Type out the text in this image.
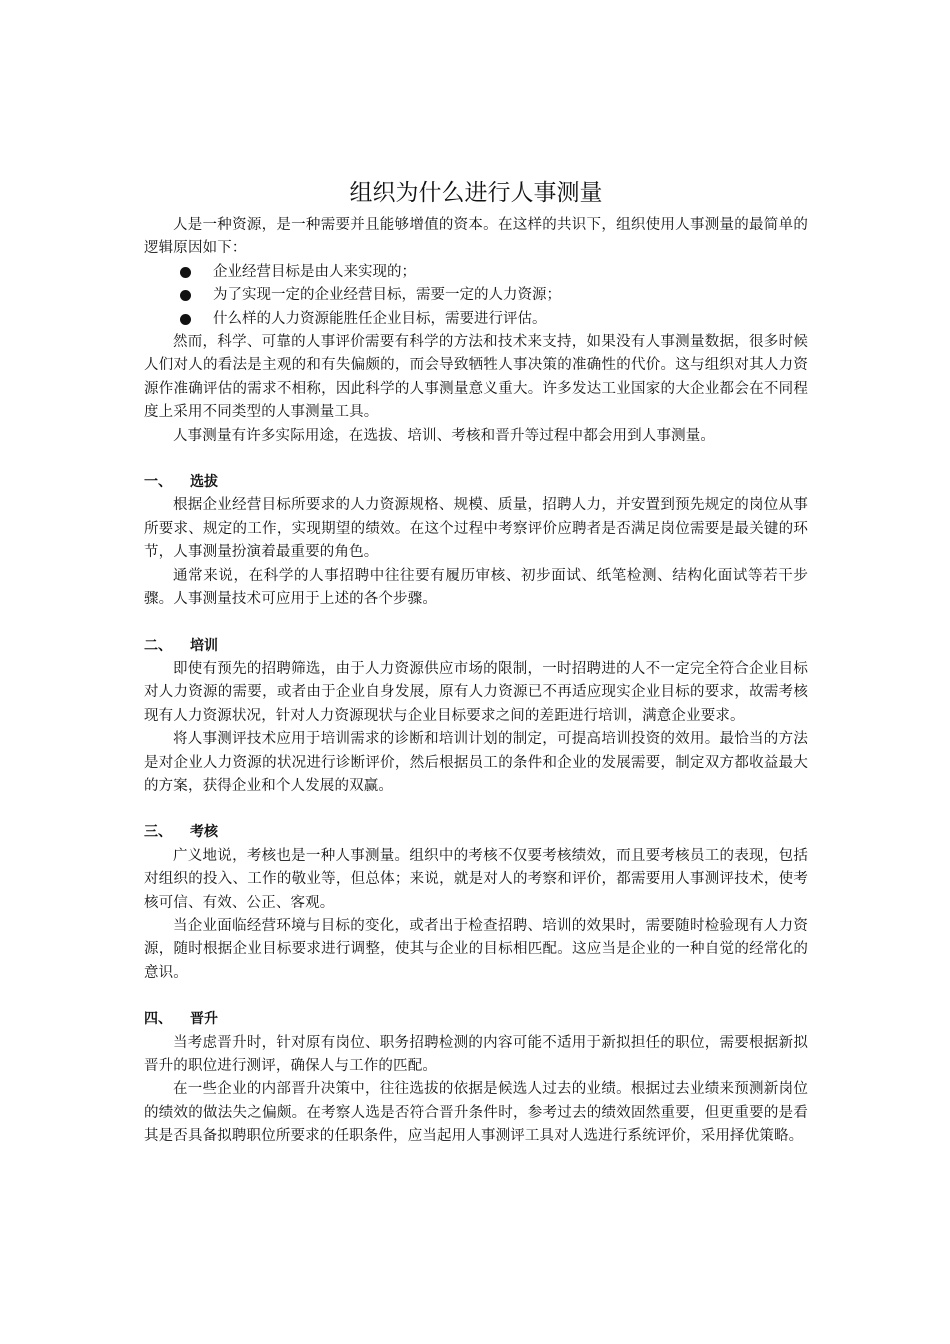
组织为什么进行人事测量

人是一种资源，是一种需要并且能够增值的资本。在这样的共识下，组织使用人事测量的最简单的逻辑原因如下：

企业经营目标是由人来实现的；
为了实现一定的企业经营目标，需要一定的人力资源；
什么样的人力资源能胜任企业目标，需要进行评估。

然而，科学、可靠的人事评价需要有科学的方法和技术来支持，如果没有人事测量数据，很多时候人们对人的看法是主观的和有失偏颇的，而会导致牺牲人事决策的准确性的代价。这与组织对其人力资源作准确评估的需求不相称，因此科学的人事测量意义重大。许多发达工业国家的大企业都会在不同程度上采用不同类型的人事测量工具。

人事测量有许多实际用途，在选拔、培训、考核和晋升等过程中都会用到人事测量。

一、	选拔

根据企业经营目标所要求的人力资源规格、规模、质量，招聘人力，并安置到预先规定的岗位从事所要求、规定的工作，实现期望的绩效。在这个过程中考察评价应聘者是否满足岗位需要是最关键的环节，人事测量扮演着最重要的角色。

通常来说，在科学的人事招聘中往往要有履历审核、初步面试、纸笔检测、结构化面试等若干步骤。人事测量技术可应用于上述的各个步骤。

二、	培训

即使有预先的招聘筛选，由于人力资源供应市场的限制，一时招聘进的人不一定完全符合企业目标对人力资源的需要，或者由于企业自身发展，原有人力资源已不再适应现实企业目标的要求，故需考核现有人力资源状况，针对人力资源现状与企业目标要求之间的差距进行培训，满意企业要求。

将人事测评技术应用于培训需求的诊断和培训计划的制定，可提高培训投资的效用。最恰当的方法是对企业人力资源的状况进行诊断评价，然后根据员工的条件和企业的发展需要，制定双方都收益最大的方案，获得企业和个人发展的双赢。

三、	考核

广义地说，考核也是一种人事测量。组织中的考核不仅要考核绩效，而且要考核员工的表现，包括对组织的投入、工作的敬业等，但总体；来说，就是对人的考察和评价，都需要用人事测评技术，使考核可信、有效、公正、客观。

当企业面临经营环境与目标的变化，或者出于检查招聘、培训的效果时，需要随时检验现有人力资源，随时根据企业目标要求进行调整，使其与企业的目标相匹配。这应当是企业的一种自觉的经常化的意识。

四、	晋升

当考虑晋升时，针对原有岗位、职务招聘检测的内容可能不适用于新拟担任的职位，需要根据新拟晋升的职位进行测评，确保人与工作的匹配。

在一些企业的内部晋升决策中，往往选拔的依据是候选人过去的业绩。根据过去业绩来预测新岗位的绩效的做法失之偏颇。在考察人选是否符合晋升条件时，参考过去的绩效固然重要，但更重要的是看其是否具备拟聘职位所要求的任职条件，应当起用人事测评工具对人选进行系统评价，采用择优策略。
